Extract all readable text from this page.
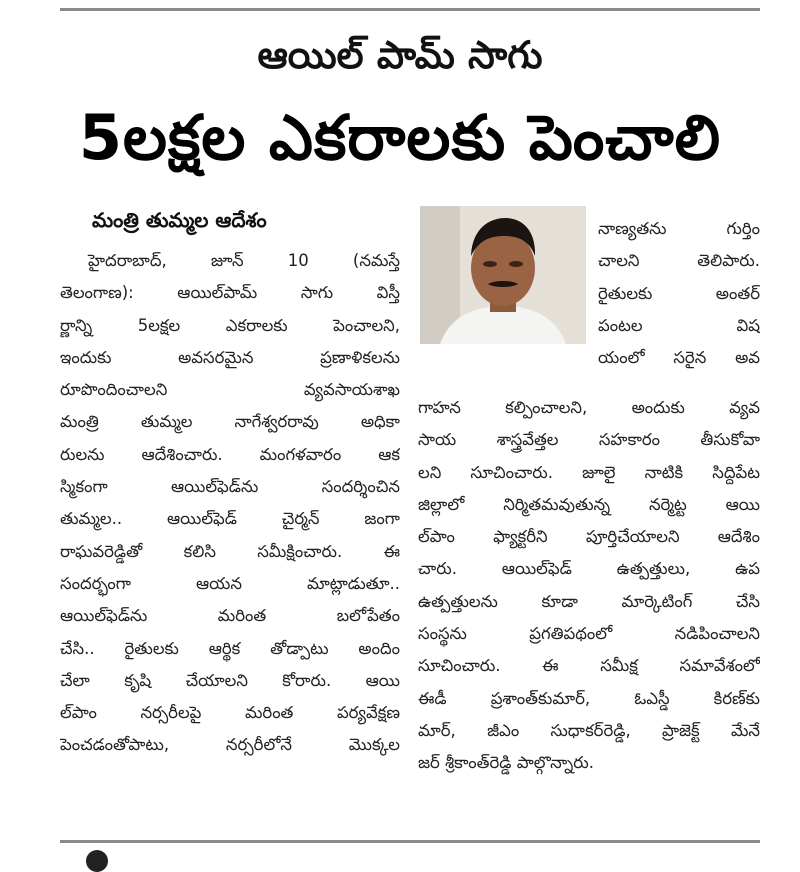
ఆయిల్‌ పామ్‌ సాగు
5లక్షల ఎకరాలకు పెంచాలి
మంత్రి తుమ్మల ఆదేశం
హైదరాబాద్‌, జూన్‌ 10 (నమస్తే
తెలంగాణ): ఆయిల్‌పామ్‌ సాగు విస్తీ
ర్ణాన్ని 5లక్షల ఎకరాలకు పెంచాలని,
ఇందుకు అవసరమైన ప్రణాళికలను
రూపొందించాలని వ్యవసాయశాఖ
మంత్రి తుమ్మల నాగేశ్వరరావు అధికా
రులను ఆదేశించారు. మంగళవారం ఆక
స్మికంగా ఆయిల్‌ఫెడ్‌ను సందర్శించిన
తుమ్మల.. ఆయిల్‌ఫెడ్‌ చైర్మన్‌ జంగా
రాఘవరెడ్డితో కలిసి సమీక్షించారు. ఈ
సందర్భంగా ఆయన మాట్లాడుతూ..
ఆయిల్‌ఫెడ్‌ను మరింత బలోపేతం
చేసి.. రైతులకు ఆర్థిక తోడ్పాటు అందిం
చేలా కృషి చేయాలని కోరారు. ఆయి
ల్‌పాం నర్సరీలపై మరింత పర్యవేక్షణ
పెంచడంతోపాటు, నర్సరీలోనే మొక్కల
నాణ్యతను గుర్తిం
చాలని తెలిపారు.
రైతులకు అంతర్‌
పంటల విష
యంలో సరైన అవ
గాహన కల్పించాలని, అందుకు వ్యవ
సాయ శాస్త్రవేత్తల సహకారం తీసుకోవా
లని సూచించారు. జూలై నాటికి సిద్దిపేట
జిల్లాలో నిర్మితమవుతున్న నర్మెట్ట ఆయి
ల్‌పాం ఫ్యాక్టరీని పూర్తిచేయాలని ఆదేశిం
చారు. ఆయిల్‌ఫెడ్‌ ఉత్పత్తులు, ఉప
ఉత్పత్తులను కూడా మార్కెటింగ్‌ చేసి
సంస్థను ప్రగతిపథంలో నడిపించాలని
సూచించారు. ఈ సమీక్ష సమావేశంలో
ఈడీ ప్రశాంత్‌కుమార్‌, ఓఎస్డీ కిరణ్‌కు
మార్‌, జీఎం సుధాకర్‌రెడ్డి, ప్రాజెక్ట్‌ మేనే
జర్‌ శ్రీకాంత్‌రెడ్డి పాల్గొన్నారు.
